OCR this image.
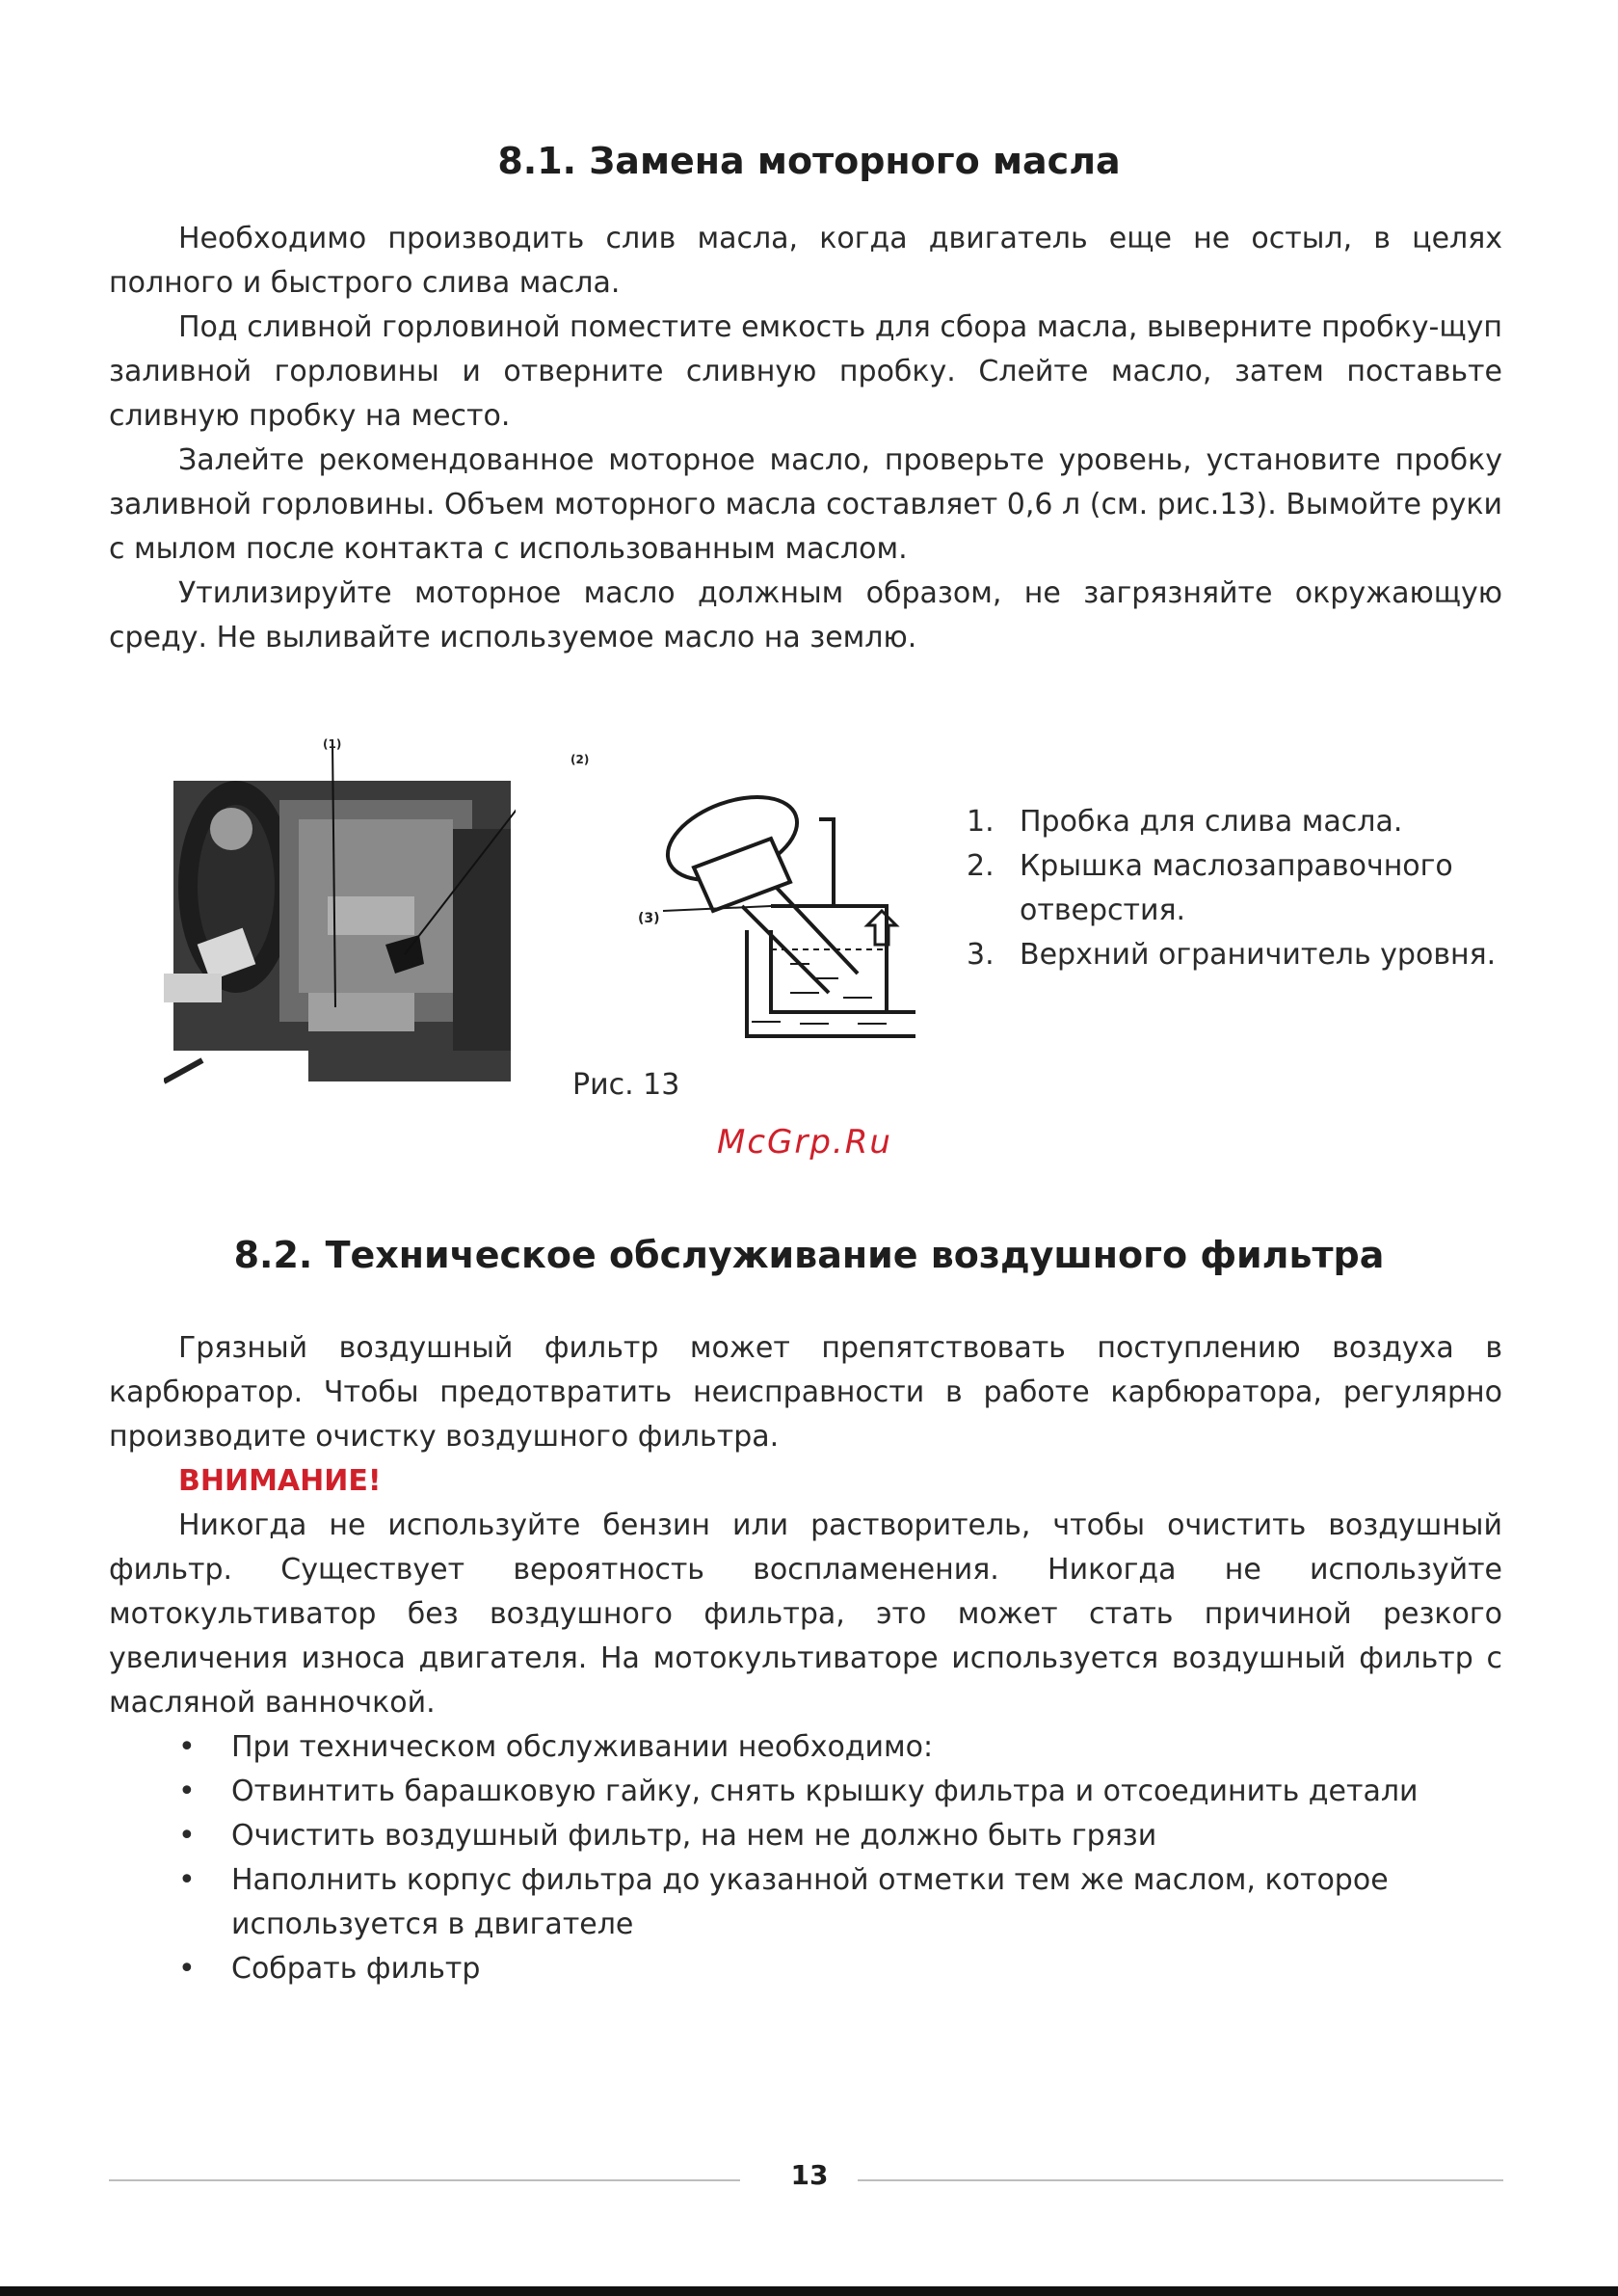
8.1. Замена моторного масла

Необходимо производить слив масла, когда двигатель еще не остыл, в целях полного и быстрого слива масла.

Под сливной горловиной поместите емкость для сбора масла, выверните пробку-щуп заливной горловины и отверните сливную пробку. Слейте масло, затем поставьте сливную пробку на место.

Залейте рекомендованное моторное масло, проверьте уровень, установите пробку заливной горловины. Объем моторного масла составляет 0,6 л (см. рис.13). Вымойте руки с мылом после контакта с использованным маслом.

Утилизируйте моторное масло должным образом, не загрязняйте окружающую среду. Не выливайте используемое масло на землю.

(1)
(2)
(3)
1. Пробка для слива масла.
2. Крышка маслозаправочного отверстия.
3. Верхний ограничитель уровня.
Рис. 13
McGrp.Ru
8.2. Техническое обслуживание воздушного фильтра

Грязный воздушный фильтр может препятствовать поступлению воздуха в карбюратор. Чтобы предотвратить неисправности в работе карбюратора, регулярно производите очистку воздушного фильтра.

ВНИМАНИЕ!

Никогда не используйте бензин или растворитель, чтобы очистить воздушный фильтр. Существует вероятность воспламенения. Никогда не используйте мотокультиватор без воздушного фильтра, это может стать причиной резкого увеличения износа двигателя. На мотокультиваторе используется воздушный фильтр с масляной ванночкой.

• При техническом обслуживании необходимо:
• Отвинтить барашковую гайку, снять крышку фильтра и отсоединить детали
• Очистить воздушный фильтр, на нем не должно быть грязи
• Наполнить корпус фильтра до указанной отметки тем же маслом, которое используется в двигателе
• Собрать фильтр
13
